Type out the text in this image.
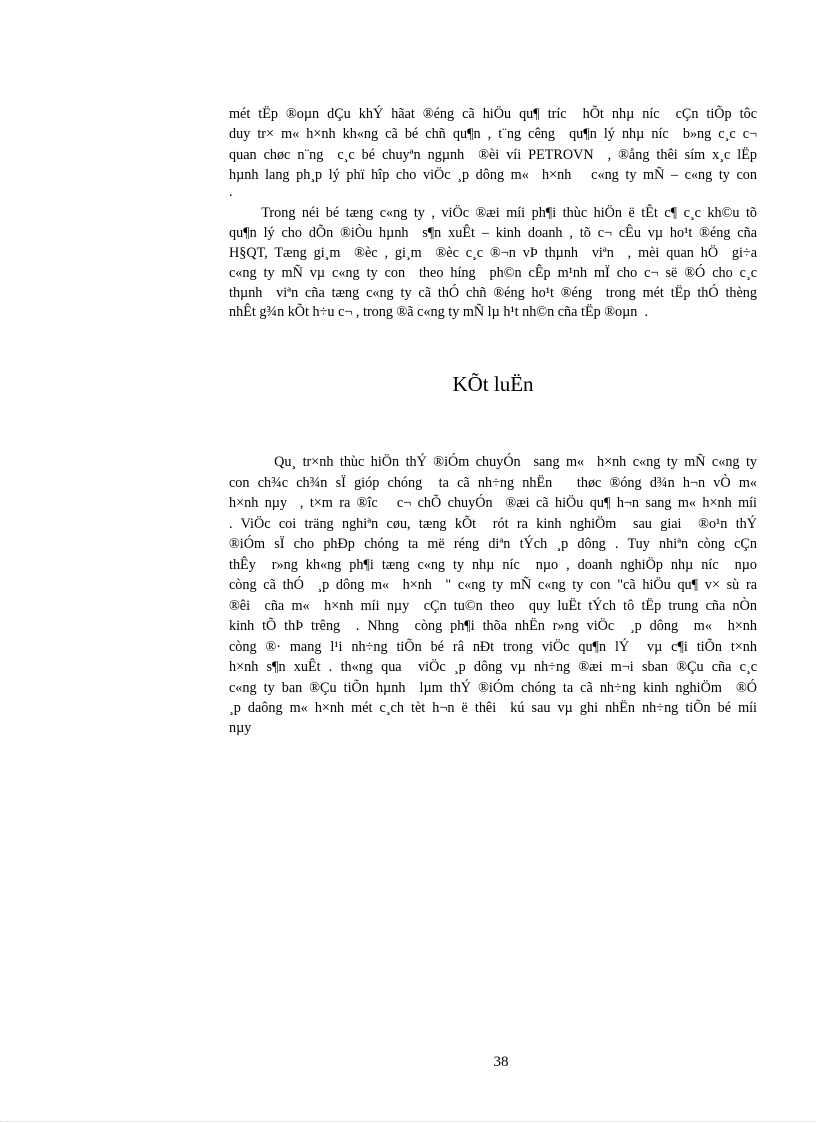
mét tËp ®oµn dÇu khÝ hãat ®éng cã hiÖu qu¶ tríc  hÕt nhµ níc  cÇn tiÕp tôc
duy tr× m« h×nh kh«ng cã bé chñ qu¶n , t¨ng cêng  qu¶n lý nhµ níc  b»ng c¸c c¬
quan chøc n¨ng  c¸c bé chuyªn ngµnh  ®èi víi PETROVN  , ®ång thêi sím x¸c lËp
hµnh lang ph¸p lý phï hîp cho viÖc ¸p dông m«  h×nh   c«ng ty mÑ – c«ng ty con
.
Trong néi bé tæng c«ng ty , viÖc ®æi míi ph¶i thùc hiÖn ë tÊt c¶ c¸c kh©u tõ
qu¶n lý cho dÕn ®iÒu hµnh  s¶n xuÊt – kinh doanh , tõ c¬ cÊu vµ ho¹t ®éng cña
H§QT, Tæng gi¸m  ®èc , gi¸m  ®èc c¸c ®¬n vÞ thµnh  viªn  , mèi quan hÖ  gi÷a
c«ng ty mÑ vµ c«ng ty con  theo híng  ph©n cÊp m¹nh mÏ cho c¬ së ®Ó cho c¸c
thµnh  viªn cña tæng c«ng ty cã thÓ chñ ®éng ho¹t ®éng  trong mét tËp thÓ thèng
nhÊt g¾n kÕt h÷u c¬ , trong ®ã c«ng ty mÑ lµ h¹t nh©n cña tËp ®oµn  .
KÕt luËn
Qu¸ tr×nh thùc hiÖn thÝ ®iÓm chuyÓn  sang m«  h×nh c«ng ty mÑ c«ng ty
con ch¾c ch¾n sÏ gióp chóng  ta cã nh÷ng nhËn   thøc ®óng d¾n h¬n vÒ m«
h×nh nµy  , t×m ra ®îc   c¬ chÕ chuyÓn  ®æi cã hiÖu qu¶ h¬n sang m« h×nh míi
. ViÖc coi träng nghiªn cøu, tæng kÕt  rót ra kinh nghiÖm  sau giai  ®o¹n thÝ
®iÓm sÏ cho phÐp chóng ta më réng diªn tÝch ¸p dông . Tuy nhiªn còng cÇn
thÊy  r»ng kh«ng ph¶i tæng c«ng ty nhµ níc  nµo , doanh nghiÖp nhµ níc  nµo
còng cã thÓ  ¸p dông m«  h×nh  " c«ng ty mÑ c«ng ty con "cã hiÖu qu¶ v× sù ra
®êi  cña m«  h×nh míi nµy  cÇn tu©n theo  quy luËt tÝch tô tËp trung cña nÒn
kinh tÕ thÞ trêng  . Nhng  còng ph¶i thõa nhËn r»ng viÖc  ¸p dông  m«  h×nh
còng ®· mang l¹i nh÷ng tiÕn bé râ nÐt trong viÖc qu¶n lÝ  vµ c¶i tiÕn t×nh
h×nh s¶n xuÊt . th«ng qua  viÖc ¸p dông vµ nh÷ng ®æi m¬i sban ®Çu cña c¸c
c«ng ty ban ®Çu tiÕn hµnh  lµm thÝ ®iÓm chóng ta cã nh÷ng kinh nghiÖm  ®Ó
¸p daông m« h×nh mét c¸ch tèt h¬n ë thêi  kú sau vµ ghi nhËn nh÷ng tiÕn bé míi
nµy
38
